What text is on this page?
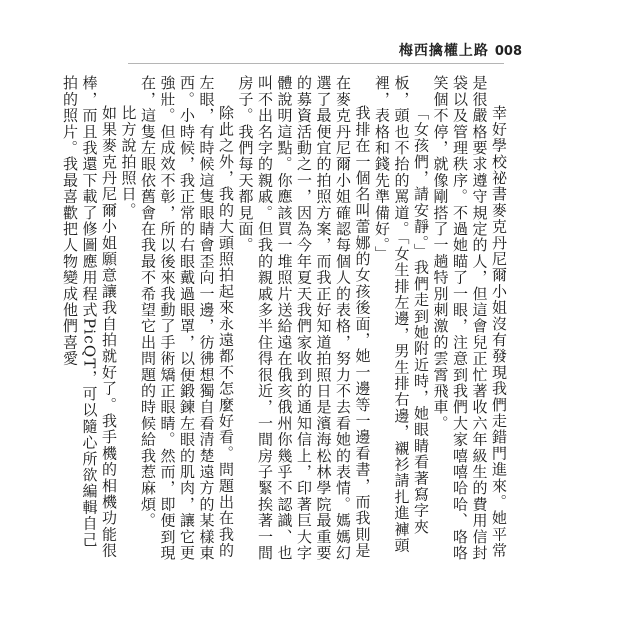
梅西擒權上路 008

幸好學校祕書麥克丹尼爾小姐沒有發現我們走錯門進來。她平常是很嚴格要求遵守規定的人，但這會兒正忙著收六年級生的費用信封袋以及管理秩序。不過她瞄了一眼，注意到我們大家嘻嘻哈哈、咯咯笑個不停，就像剛搭了一趟特別刺激的雲霄飛車。

「女孩們，請安靜。」我們走到她附近時，她眼睛看著寫字夾板，頭也不抬的罵道。「女生排左邊，男生排右邊，襯衫請扎進褲頭裡，表格和錢先準備好。」

我排在一個名叫蕾娜的女孩後面，她一邊等一邊看書，而我則是在麥克丹尼爾小姐確認每個人的表格，努力不去看她的表情。媽媽幻選了最便宜的拍照方案，而我正好知道拍照日是濱海松林學院最重要的募資活動之一，因為今年夏天我們家收到的通知信上，印著巨大字體說明這點。你應該買一堆照片送給遠在俄亥俄州你幾乎不認識、也叫不出名字的親戚。但我的親戚多半住得很近，一間房子緊挨著一間房子。我們每天都見面。

除此之外，我的大頭照拍起來永遠都不怎麼好看。問題出在我的左眼，有時候這隻眼睛會歪向一邊，彷彿想獨自看清楚遠方的某樣東西。小時候，我正常的右眼戴過眼罩，以便鍛鍊左眼的肌肉，讓它更強壯。但成效不彰，所以後來我動了手術矯正眼睛。然而，即便到現在，這隻左眼依舊會在我最不希望它出問題的時候給我惹麻煩。

比方說拍照日。

如果麥克丹尼爾小姐願意讓我自拍就好了。我手機的相機功能很棒，而且我還下載了修圖應用程式PicQT，可以隨心所欲編輯自己拍的照片。我最喜歡把人物變成他們喜愛
